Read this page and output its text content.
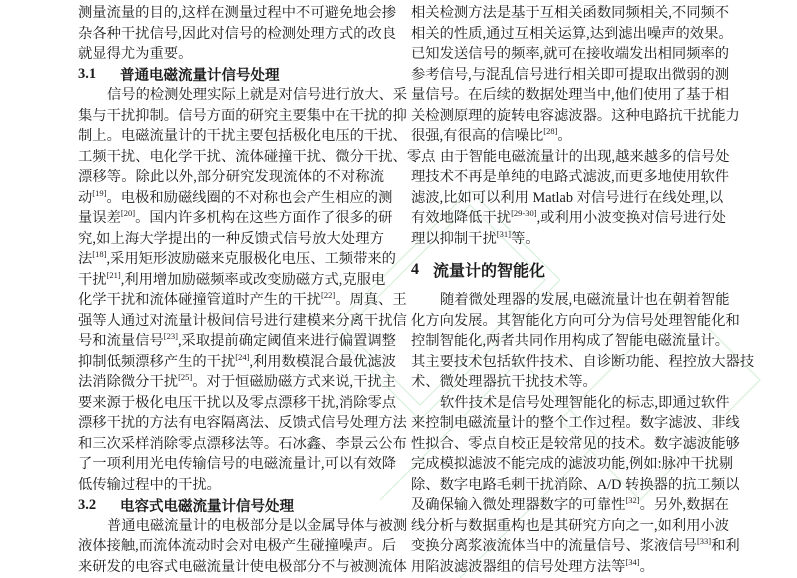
测量流量的目的,这样在测量过程中不可避免地会掺
杂各种干扰信号,因此对信号的检测处理方式的改良
就显得尤为重要。
3.1	普通电磁流量计信号处理
信号的检测处理实际上就是对信号进行放大、采
集与干扰抑制。信号方面的研究主要集中在干扰的抑
制上。电磁流量计的干扰主要包括极化电压的干扰、
工频干扰、电化学干扰、流体碰撞干扰、微分干扰、零点
漂移等。除此以外,部分研究发现流体的不对称流
动[19]。电极和励磁线圈的不对称也会产生相应的测
量误差[20]。国内许多机构在这些方面作了很多的研
究,如上海大学提出的一种反馈式信号放大处理方
法[18],采用矩形波励磁来克服极化电压、工频带来的
干扰[21],利用增加励磁频率或改变励磁方式,克服电
化学干扰和流体碰撞管道时产生的干扰[22]。周真、王
强等人通过对流量计极间信号进行建模来分离干扰信
号和流量信号[23],采取提前确定阈值来进行偏置调整
抑制低频漂移产生的干扰[24],利用数模混合最优滤波
法消除微分干扰[25]。对于恒磁励磁方式来说,干扰主
要来源于极化电压干扰以及零点漂移干扰,消除零点
漂移干扰的方法有电容隔离法、反馈式信号处理方法
和三次采样消除零点漂移法等。石冰鑫、李景云公布
了一项利用光电传输信号的电磁流量计,可以有效降
低传输过程中的干扰。
3.2	电容式电磁流量计信号处理
普通电磁流量计的电极部分是以金属导体与被测
液体接触,而流体流动时会对电极产生碰撞噪声。后
来研发的电容式电磁流量计使电极部分不与被测流体
相关检测方法是基于互相关函数同频相关,不同频不
相关的性质,通过互相关运算,达到滤出噪声的效果。
已知发送信号的频率,就可在接收端发出相同频率的
参考信号,与混乱信号进行相关即可提取出微弱的测
量信号。在后续的数据处理当中,他们使用了基于相
关检测原理的旋转电容滤波器。这种电路抗干扰能力
很强,有很高的信噪比[28]。
由于智能电磁流量计的出现,越来越多的信号处
理技术不再是单纯的电路式滤波,而更多地使用软件
滤波,比如可以利用 Matlab 对信号进行在线处理,以
有效地降低干扰[29-30],或利用小波变换对信号进行处
理以抑制干扰[31]等。
4 流量计的智能化
随着微处理器的发展,电磁流量计也在朝着智能
化方向发展。其智能化方向可分为信号处理智能化和
控制智能化,两者共同作用构成了智能电磁流量计。
其主要技术包括软件技术、自诊断功能、程控放大器技
术、微处理器抗干扰技术等。
软件技术是信号处理智能化的标志,即通过软件
来控制电磁流量计的整个工作过程。数字滤波、非线
性拟合、零点自校正是较常见的技术。数字滤波能够
完成模拟滤波不能完成的滤波功能,例如:脉冲干扰剔
除、数字电路毛刺干扰消除、A/D 转换器的抗工频以
及确保输入微处理器数字的可靠性[32]。另外,数据在
线分析与数据重构也是其研究方向之一,如利用小波
变换分离浆液流体当中的流量信号、浆液信号[33]和利
用陷波滤波器组的信号处理方法等[34]。
